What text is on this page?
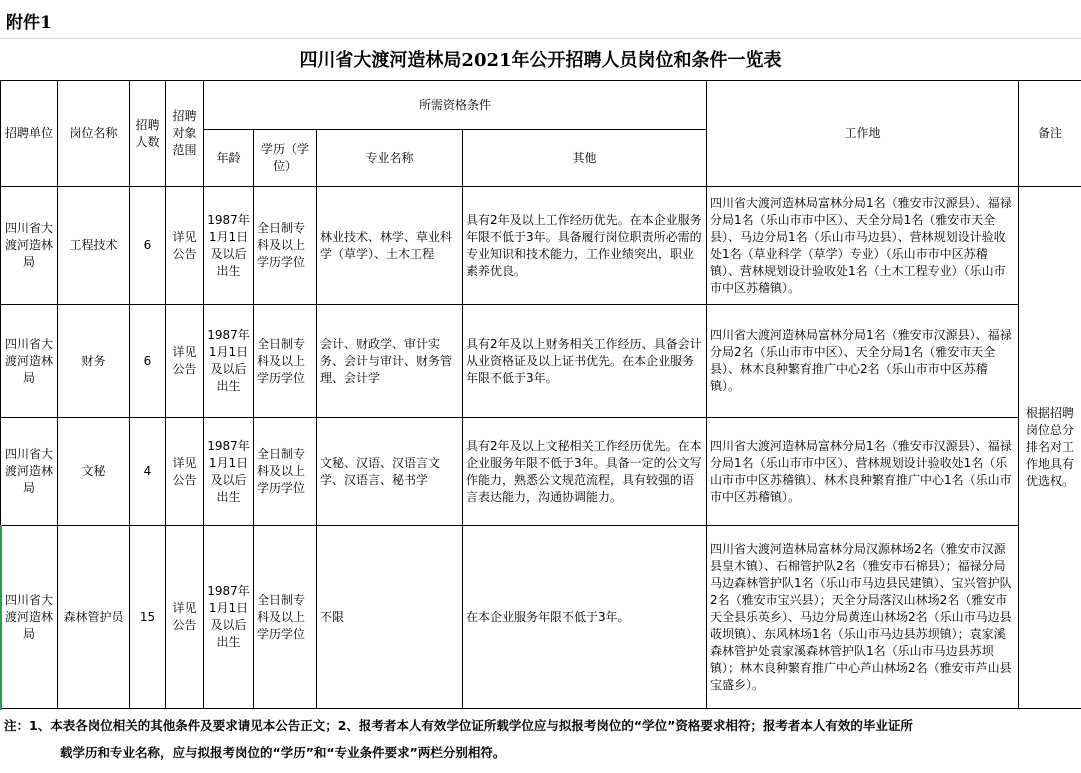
附件1
四川省大渡河造林局2021年公开招聘人员岗位和条件一览表
招聘单位	岗位名称	招聘人数	招聘对象范围	所需资格条件				工作地	备注
				年龄	学历（学位）	专业名称	其他		
四川省大渡河造林局	工程技术	6	详见公告	1987年1月1日及以后出生	全日制专科及以上学历学位	林业技术、林学、草业科学（草学）、土木工程	具有2年及以上工作经历优先。在本企业服务年限不低于3年。具备履行岗位职责所必需的专业知识和技术能力，工作业绩突出，职业素养优良。	四川省大渡河造林局富林分局1名（雅安市汉源县）、福禄分局1名（乐山市市中区）、天全分局1名（雅安市天全县）、马边分局1名（乐山市马边县）、营林规划设计验收处1名（草业科学（草学）专业）（乐山市市中区苏稽镇）、营林规划设计验收处1名（土木工程专业）（乐山市市中区苏稽镇）。	根据招聘岗位总分排名对工作地具有优选权。
四川省大渡河造林局	财务	6	详见公告	1987年1月1日及以后出生	全日制专科及以上学历学位	会计、财政学、审计实务、会计与审计、财务管理、会计学	具有2年及以上财务相关工作经历、具备会计从业资格证及以上证书优先。在本企业服务年限不低于3年。	四川省大渡河造林局富林分局1名（雅安市汉源县）、福禄分局2名（乐山市市中区）、天全分局1名（雅安市天全县）、林木良种繁育推广中心2名（乐山市市中区苏稽镇）。	
四川省大渡河造林局	文秘	4	详见公告	1987年1月1日及以后出生	全日制专科及以上学历学位	文秘、汉语、汉语言文学、汉语言、秘书学	具有2年及以上文秘相关工作经历优先。在本企业服务年限不低于3年。具备一定的公文写作能力，熟悉公文规范流程，具有较强的语言表达能力，沟通协调能力。	四川省大渡河造林局富林分局1名（雅安市汉源县）、福禄分局1名（乐山市市中区）、营林规划设计验收处1名（乐山市市中区苏稽镇）、林木良种繁育推广中心1名（乐山市市中区苏稽镇）。	
四川省大渡河造林局	森林管护员	15	详见公告	1987年1月1日及以后出生	全日制专科及以上学历学位	不限	在本企业服务年限不低于3年。	四川省大渡河造林局富林分局汉源林场2名（雅安市汉源县皇木镇）、石棉管护队2名（雅安市石棉县）；福禄分局马边森林管护队1名（乐山市马边县民建镇）、宝兴管护队2名（雅安市宝兴县）；天全分局落汉山林场2名（雅安市天全县乐英乡）、马边分局黄连山林场2名（乐山市马边县荍坝镇）、东风林场1名（乐山市马边县苏坝镇）；袁家溪森林管护处袁家溪森林管护队1名（乐山市马边县苏坝镇）；林木良种繁育推广中心芦山林场2名（雅安市芦山县宝盛乡）。	
注：1、本表各岗位相关的其他条件及要求请见本公告正文；2、报考者本人有效学位证所载学位应与拟报考岗位的“学位”资格要求相符；报考者本人有效的毕业证所
载学历和专业名称，应与拟报考岗位的“学历”和“专业条件要求”两栏分别相符。
